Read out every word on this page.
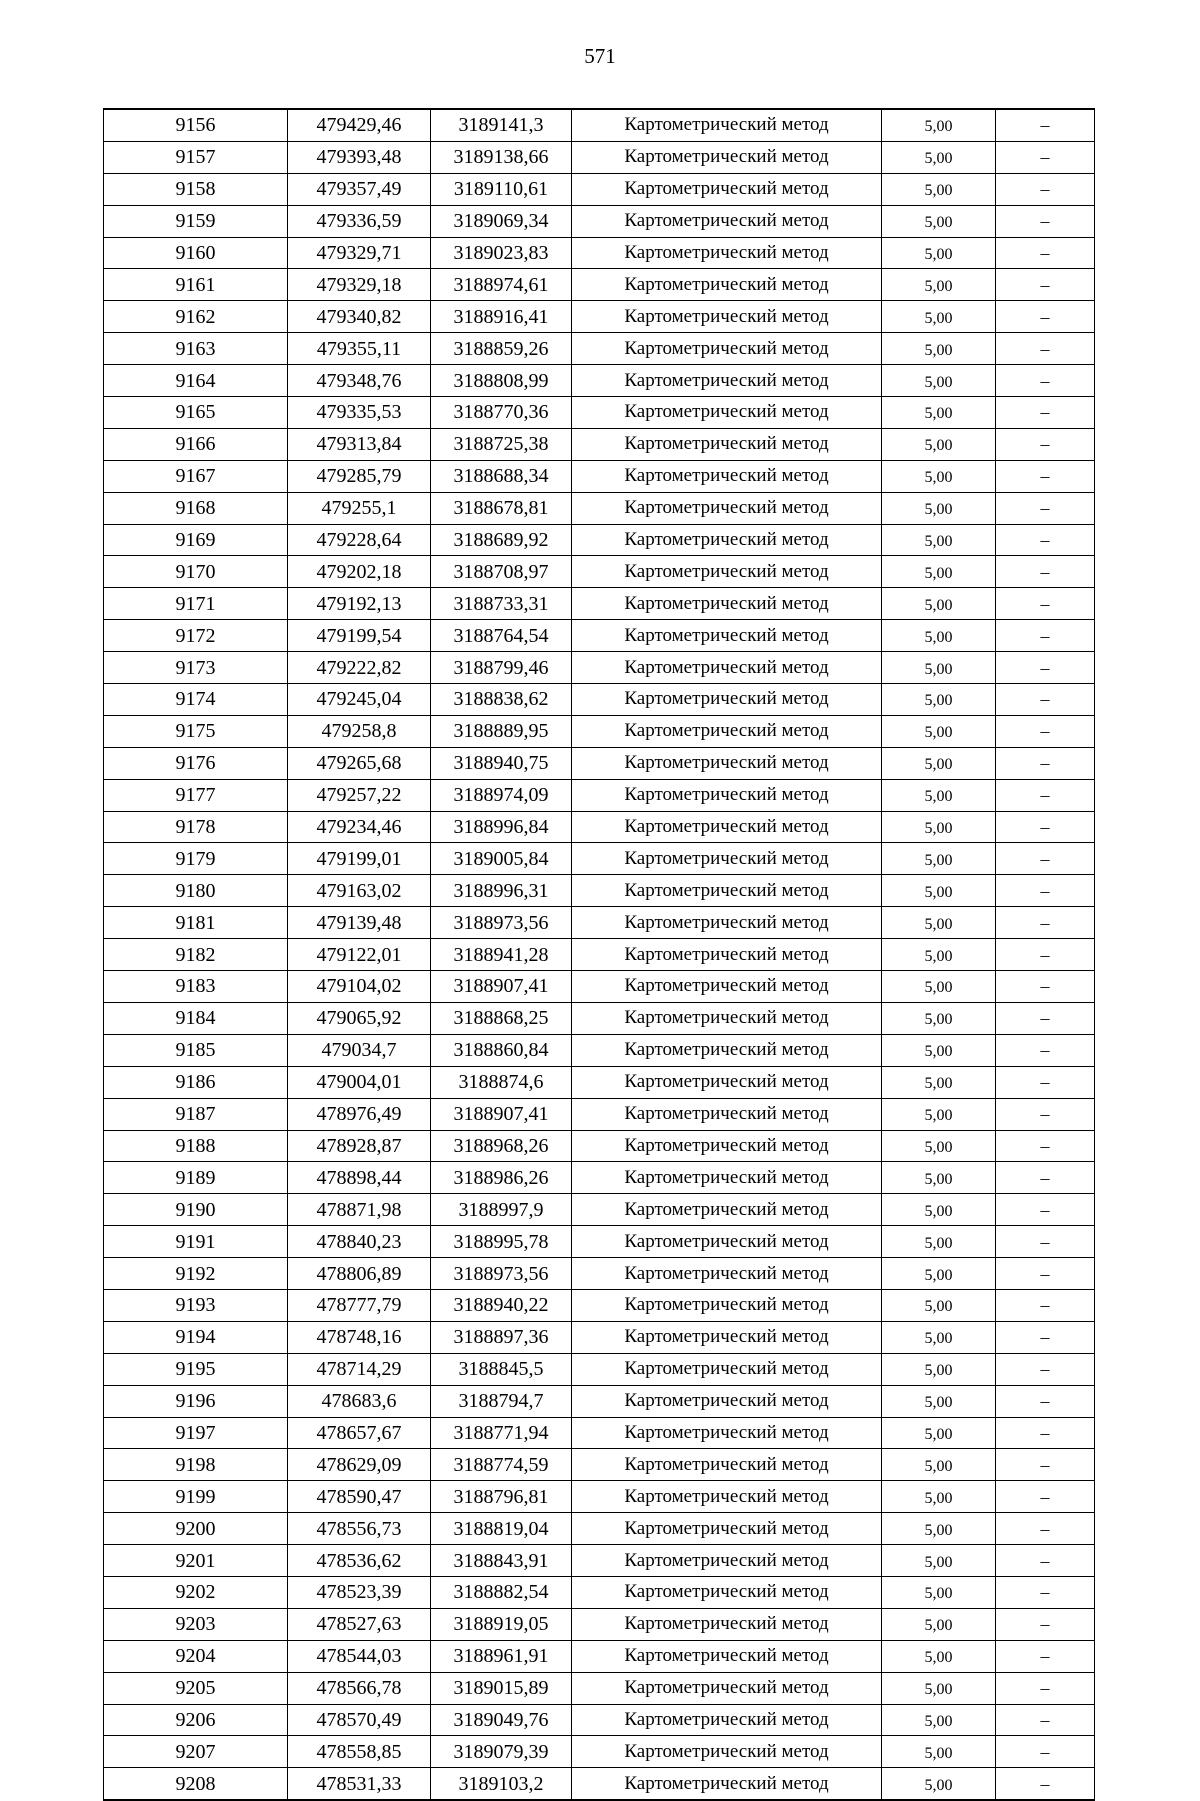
571
9156	479429,46	3189141,3	Картометрический метод	5,00	–
9157	479393,48	3189138,66	Картометрический метод	5,00	–
9158	479357,49	3189110,61	Картометрический метод	5,00	–
9159	479336,59	3189069,34	Картометрический метод	5,00	–
9160	479329,71	3189023,83	Картометрический метод	5,00	–
9161	479329,18	3188974,61	Картометрический метод	5,00	–
9162	479340,82	3188916,41	Картометрический метод	5,00	–
9163	479355,11	3188859,26	Картометрический метод	5,00	–
9164	479348,76	3188808,99	Картометрический метод	5,00	–
9165	479335,53	3188770,36	Картометрический метод	5,00	–
9166	479313,84	3188725,38	Картометрический метод	5,00	–
9167	479285,79	3188688,34	Картометрический метод	5,00	–
9168	479255,1	3188678,81	Картометрический метод	5,00	–
9169	479228,64	3188689,92	Картометрический метод	5,00	–
9170	479202,18	3188708,97	Картометрический метод	5,00	–
9171	479192,13	3188733,31	Картометрический метод	5,00	–
9172	479199,54	3188764,54	Картометрический метод	5,00	–
9173	479222,82	3188799,46	Картометрический метод	5,00	–
9174	479245,04	3188838,62	Картометрический метод	5,00	–
9175	479258,8	3188889,95	Картометрический метод	5,00	–
9176	479265,68	3188940,75	Картометрический метод	5,00	–
9177	479257,22	3188974,09	Картометрический метод	5,00	–
9178	479234,46	3188996,84	Картометрический метод	5,00	–
9179	479199,01	3189005,84	Картометрический метод	5,00	–
9180	479163,02	3188996,31	Картометрический метод	5,00	–
9181	479139,48	3188973,56	Картометрический метод	5,00	–
9182	479122,01	3188941,28	Картометрический метод	5,00	–
9183	479104,02	3188907,41	Картометрический метод	5,00	–
9184	479065,92	3188868,25	Картометрический метод	5,00	–
9185	479034,7	3188860,84	Картометрический метод	5,00	–
9186	479004,01	3188874,6	Картометрический метод	5,00	–
9187	478976,49	3188907,41	Картометрический метод	5,00	–
9188	478928,87	3188968,26	Картометрический метод	5,00	–
9189	478898,44	3188986,26	Картометрический метод	5,00	–
9190	478871,98	3188997,9	Картометрический метод	5,00	–
9191	478840,23	3188995,78	Картометрический метод	5,00	–
9192	478806,89	3188973,56	Картометрический метод	5,00	–
9193	478777,79	3188940,22	Картометрический метод	5,00	–
9194	478748,16	3188897,36	Картометрический метод	5,00	–
9195	478714,29	3188845,5	Картометрический метод	5,00	–
9196	478683,6	3188794,7	Картометрический метод	5,00	–
9197	478657,67	3188771,94	Картометрический метод	5,00	–
9198	478629,09	3188774,59	Картометрический метод	5,00	–
9199	478590,47	3188796,81	Картометрический метод	5,00	–
9200	478556,73	3188819,04	Картометрический метод	5,00	–
9201	478536,62	3188843,91	Картометрический метод	5,00	–
9202	478523,39	3188882,54	Картометрический метод	5,00	–
9203	478527,63	3188919,05	Картометрический метод	5,00	–
9204	478544,03	3188961,91	Картометрический метод	5,00	–
9205	478566,78	3189015,89	Картометрический метод	5,00	–
9206	478570,49	3189049,76	Картометрический метод	5,00	–
9207	478558,85	3189079,39	Картометрический метод	5,00	–
9208	478531,33	3189103,2	Картометрический метод	5,00	–
